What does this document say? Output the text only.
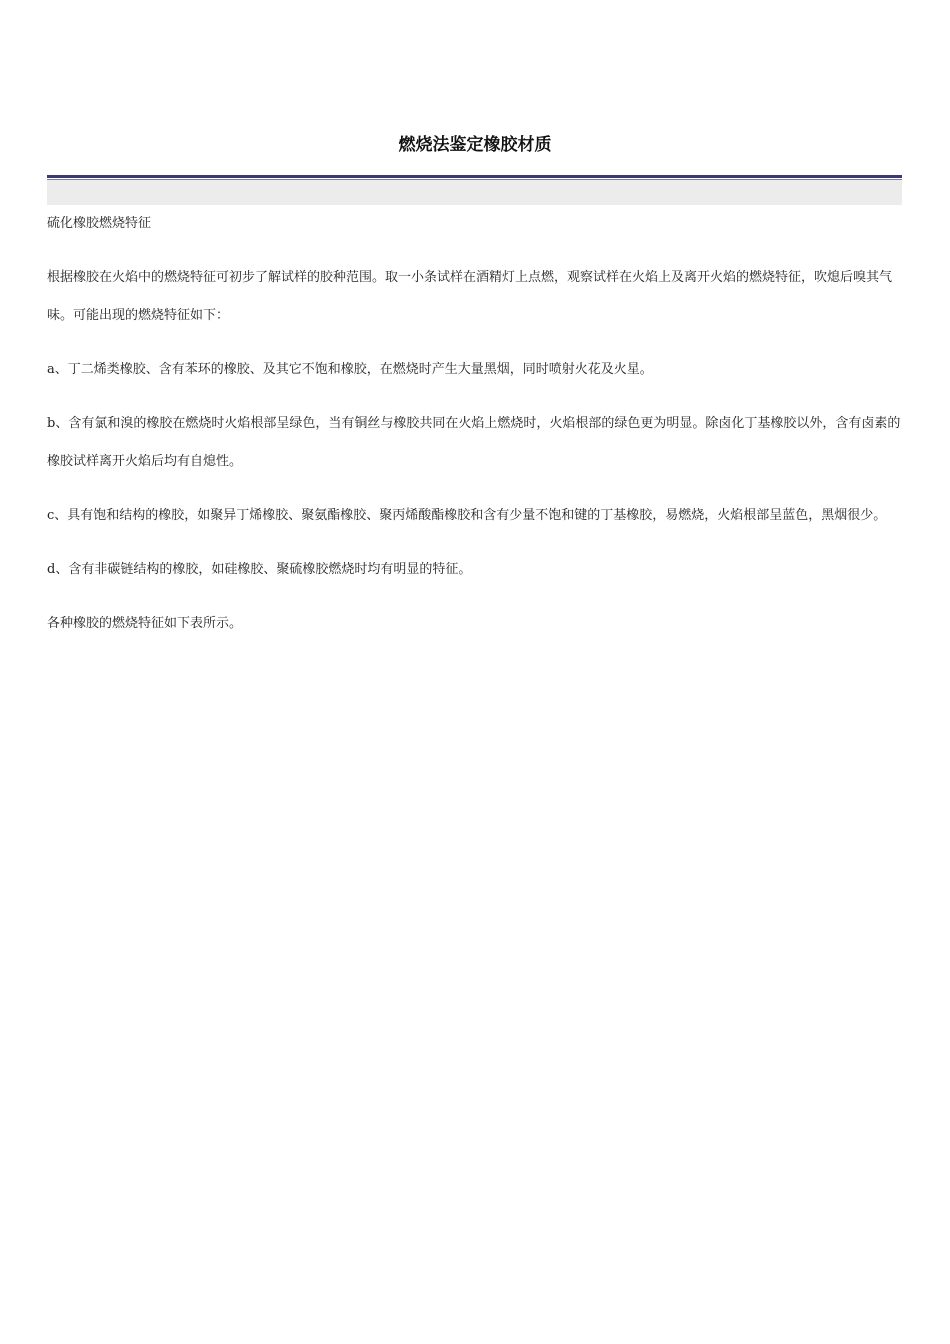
燃烧法鉴定橡胶材质

硫化橡胶燃烧特征

根据橡胶在火焰中的燃烧特征可初步了解试样的胶种范围。取一小条试样在酒精灯上点燃，观察试样在火焰上及离开火焰的燃烧特征，吹熄后嗅其气味。可能出现的燃烧特征如下：

a、丁二烯类橡胶、含有苯环的橡胶、及其它不饱和橡胶，在燃烧时产生大量黑烟，同时喷射火花及火星。

b、含有氯和溴的橡胶在燃烧时火焰根部呈绿色，当有铜丝与橡胶共同在火焰上燃烧时，火焰根部的绿色更为明显。除卤化丁基橡胶以外，含有卤素的橡胶试样离开火焰后均有自熄性。

c、具有饱和结构的橡胶，如聚异丁烯橡胶、聚氨酯橡胶、聚丙烯酸酯橡胶和含有少量不饱和键的丁基橡胶，易燃烧，火焰根部呈蓝色，黑烟很少。

d、含有非碳链结构的橡胶，如硅橡胶、聚硫橡胶燃烧时均有明显的特征。

各种橡胶的燃烧特征如下表所示。
